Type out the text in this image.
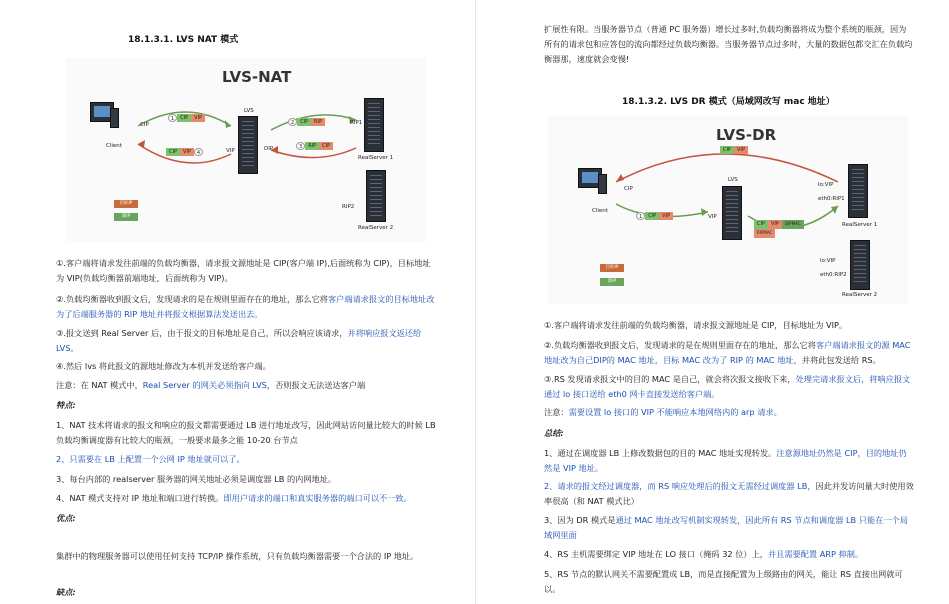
18.1.3.1. LVS NAT 模式
LVS-NAT
Client
CIP
LVS
VIP	DIP
RIP1
RealServer 1
RIP2
RealServer 2
1	CIP	VIP
CIP	VIP	4
2	CIP	RIP
3	RIP	CIP
目标IP
源IP
①.客户端将请求发往前端的负载均衡器，请求报文源地址是 CIP(客户端 IP),后面统称为 CIP)，目标地址为 VIP(负载均衡器前端地址，后面统称为 VIP)。
②.负载均衡器收到报文后，发现请求的是在规则里面存在的地址，那么它将客户端请求报文的目标地址改为了后端服务器的 RIP 地址并将报文根据算法发送出去。
③.报文送到 Real Server 后，由于报文的目标地址是自己，所以会响应该请求，并将响应报文返还给 LVS。
④.然后 lvs 将此报文的源地址修改为本机并发送给客户端。
注意：在 NAT 模式中，Real Server 的网关必须指向 LVS，否则报文无法送达客户端
特点:
1、NAT 技术将请求的报文和响应的报文都需要通过 LB 进行地址改写，因此网站访问量比较大的时候 LB 负载均衡调度器有比较大的瓶颈，一般要求最多之能 10-20 台节点
2、只需要在 LB 上配置一个公网 IP 地址就可以了。
3、每台内部的 realserver 服务器的网关地址必须是调度器 LB 的内网地址。
4、NAT 模式支持对 IP 地址和端口进行转换。即用户请求的端口和真实服务器的端口可以不一致。
优点:
集群中的物理服务器可以使用任何支持 TCP/IP 操作系统，只有负载均衡器需要一个合法的 IP 地址。
缺点:
扩展性有限。当服务器节点（普通 PC 服务器）增长过多时,负载均衡器将成为整个系统的瓶颈，因为所有的请求包和应答包的流向都经过负载均衡器。当服务器节点过多时，大量的数据包都交汇在负载均衡器那，速度就会变慢!
18.1.3.2. LVS DR 模式（局域网改写 mac 地址）
LVS-DR
Client
CIP
LVS
VIP
lo:VIP
eth0:RIP1
RealServer 1
lo:VIP
eth0:RIP2
RealServer 2
CIP	VIP
1	CIP	VIP
CIP	VIP	DIPMAC
RIPMAC
目标IP
源IP
①.客户端将请求发往前端的负载均衡器，请求报文源地址是 CIP，目标地址为 VIP。
②.负载均衡器收到报文后，发现请求的是在规则里面存在的地址，那么它将客户端请求报文的源 MAC 地址改为自己DIP的 MAC 地址，目标 MAC 改为了 RIP 的 MAC 地址，并将此包发送给 RS。
③.RS 发现请求报文中的目的 MAC 是自己，就会将次报文接收下来，处理完请求报文后，将响应报文通过 lo 接口送给 eth0 网卡直接发送给客户端。
注意：需要设置 lo 接口的 VIP 不能响应本地网络内的 arp 请求。
总结:
1、通过在调度器 LB 上修改数据包的目的 MAC 地址实现转发。注意源地址仍然是 CIP，目的地址仍然是 VIP 地址。
2、请求的报文经过调度器，而 RS 响应处理后的报文无需经过调度器 LB，因此并发访问量大时使用效率很高（和 NAT 模式比）
3、因为 DR 模式是通过 MAC 地址改写机制实现转发，因此所有 RS 节点和调度器 LB 只能在一个局域网里面
4、RS 主机需要绑定 VIP 地址在 LO 接口（掩码 32 位）上，并且需要配置 ARP 抑制。
5、RS 节点的默认网关不需要配置成 LB，而是直接配置为上级路由的网关，能让 RS 直接出网就可以。
